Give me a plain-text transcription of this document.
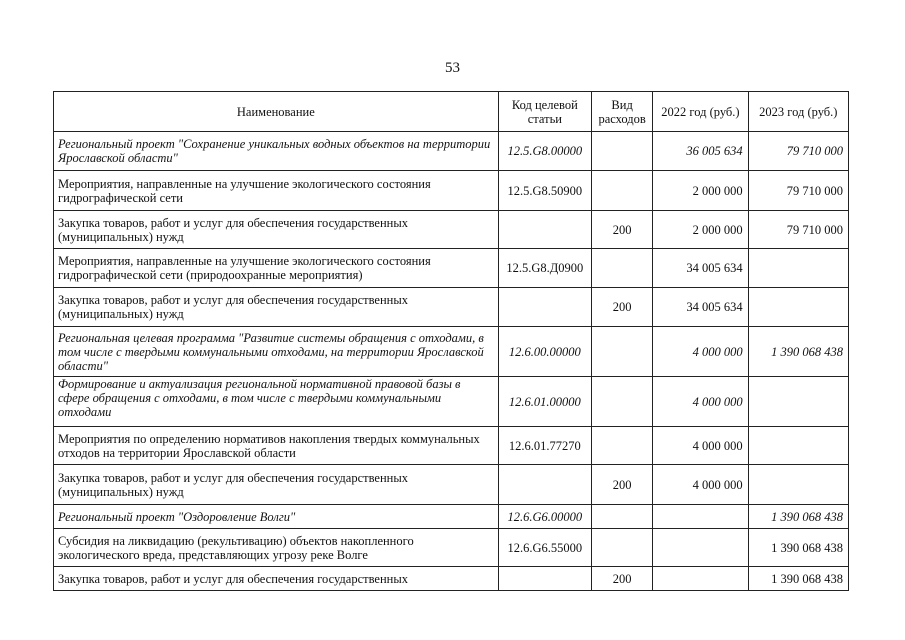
53
Наименование	Код целевой статьи	Вид расходов	2022 год (руб.)	2023 год (руб.)
Региональный проект "Сохранение уникальных водных объектов на территории Ярославской области"	12.5.G8.00000		36 005 634	79 710 000
Мероприятия, направленные на улучшение экологического состояния гидрографической сети	12.5.G8.50900		2 000 000	79 710 000
Закупка товаров, работ и услуг для обеспечения государственных (муниципальных) нужд		200	2 000 000	79 710 000
Мероприятия, направленные на улучшение экологического состояния гидрографической сети (природоохранные мероприятия)	12.5.G8.Д0900		34 005 634	
Закупка товаров, работ и услуг для обеспечения государственных (муниципальных) нужд		200	34 005 634	
Региональная целевая программа "Развитие системы обращения с отходами, в том числе с твердыми коммунальными отходами, на территории Ярославской области"	12.6.00.00000		4 000 000	1 390 068 438
Формирование и актуализация региональной нормативной правовой базы в сфере обращения с отходами, в том числе с твердыми коммунальными отходами	12.6.01.00000		4 000 000	
Мероприятия по определению нормативов накопления твердых коммунальных отходов на территории Ярославской области	12.6.01.77270		4 000 000	
Закупка товаров, работ и услуг для обеспечения государственных (муниципальных) нужд		200	4 000 000	
Региональный проект "Оздоровление Волги"	12.6.G6.00000			1 390 068 438
Субсидия на ликвидацию (рекультивацию) объектов накопленного экологического вреда, представляющих угрозу реке Волге	12.6.G6.55000			1 390 068 438
Закупка товаров, работ и услуг для обеспечения государственных		200		1 390 068 438
